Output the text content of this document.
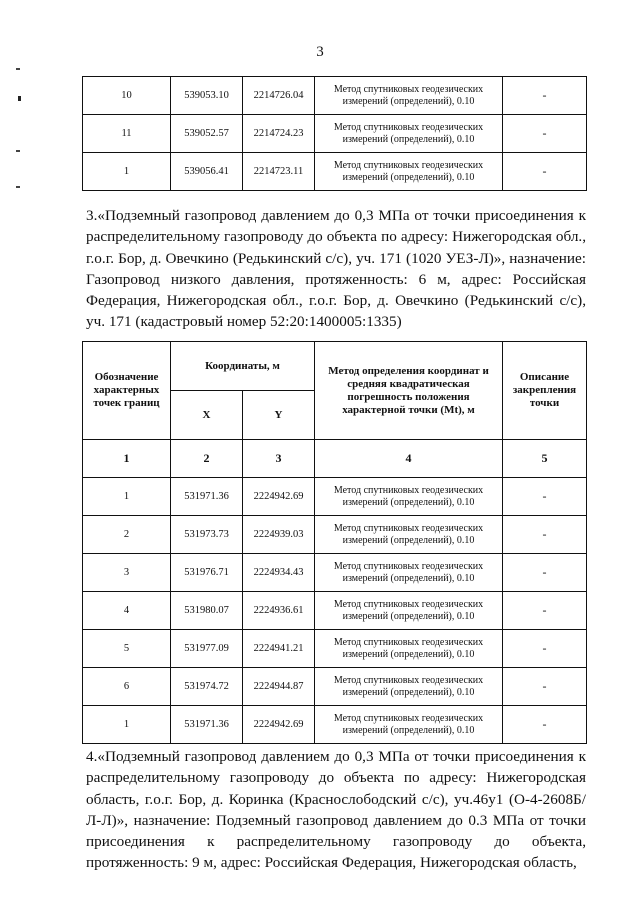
3
10	539053.10	2214726.04	Метод спутниковых геодезических
измерений (определений), 0.10	-
11	539052.57	2214724.23	Метод спутниковых геодезических
измерений (определений), 0.10	-
1	539056.41	2214723.11	Метод спутниковых геодезических
измерений (определений), 0.10	-
3.«Подземный газопровод давлением до 0,3 МПа от точки присоединения к распределительному газопроводу до объекта по адресу: Нижегородская обл., г.о.г. Бор, д. Овечкино (Редькинский с/с), уч. 171 (1020 УЕЗ-Л)», назначение: Газопровод низкого давления, протяженность: 6 м, адрес: Российская Федерация, Нижегородская обл., г.о.г. Бор, д. Овечкино (Редькинский с/с), уч. 171 (кадастровый номер 52:20:1400005:1335)
Обозначение характерных точек границ	Координаты, м		Метод определения координат и средняя квадратическая погрешность положения характерной точки (Mt), м	Описание закрепления точки
	X	Y		
1	2	3	4	5
1	531971.36	2224942.69	Метод спутниковых геодезических
измерений (определений), 0.10	-
2	531973.73	2224939.03	Метод спутниковых геодезических
измерений (определений), 0.10	-
3	531976.71	2224934.43	Метод спутниковых геодезических
измерений (определений), 0.10	-
4	531980.07	2224936.61	Метод спутниковых геодезических
измерений (определений), 0.10	-
5	531977.09	2224941.21	Метод спутниковых геодезических
измерений (определений), 0.10	-
6	531974.72	2224944.87	Метод спутниковых геодезических
измерений (определений), 0.10	-
1	531971.36	2224942.69	Метод спутниковых геодезических
измерений (определений), 0.10	-
4.«Подземный газопровод давлением до 0,3 МПа от точки присоединения к распределительному газопроводу до объекта по адресу: Нижегородская область, г.о.г. Бор, д. Коринка (Краснослободский с/с), уч.46у1 (О-4-2608Б/Л-Л)», назначение: Подземный газопровод давлением до 0.3 МПа от точки присоединения к распределительному газопроводу до объекта, протяженность: 9 м, адрес: Российская Федерация, Нижегородская область,
